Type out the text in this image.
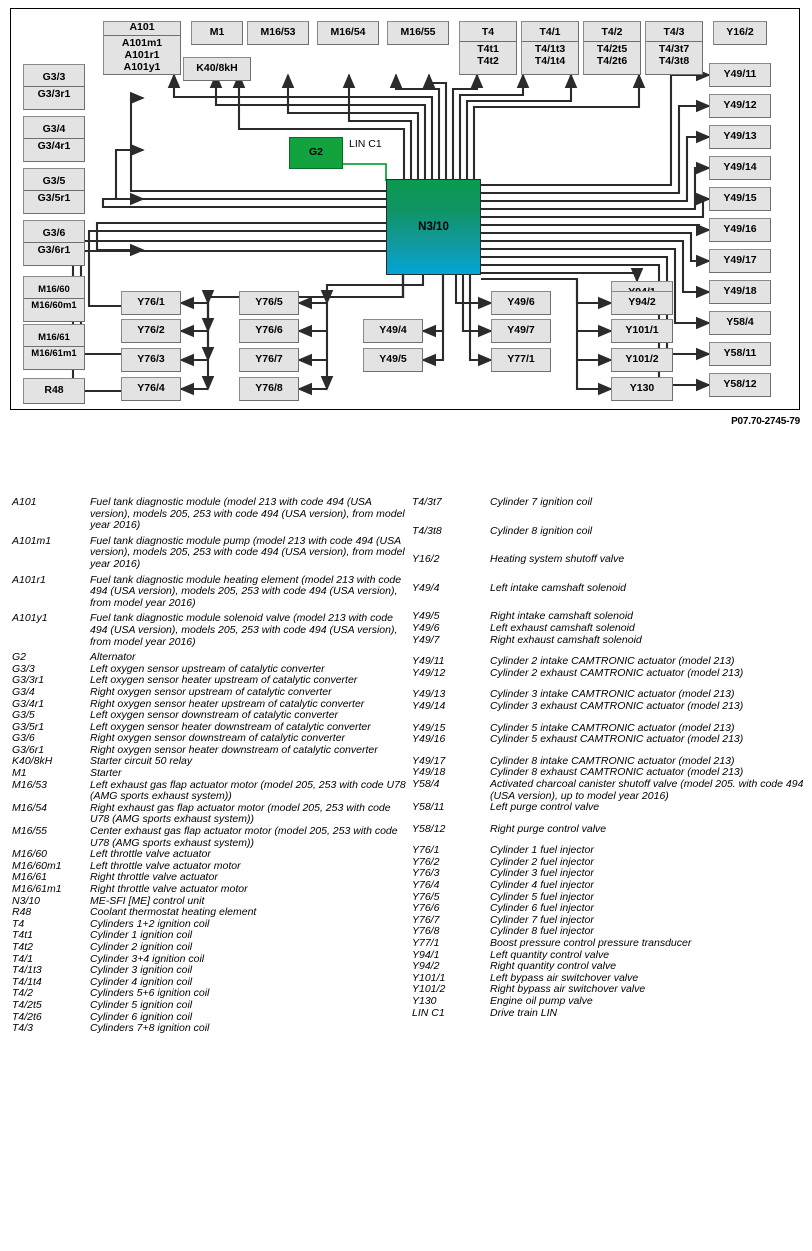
A101
A101m1
A101r1
A101y1
M1
K40/8kH
M16/53	M16/54	M16/55	T4
T4t1
T4t2
T4/1
T4/1t3
T4/1t4
T4/2
T4/2t5
T4/2t6
T4/3
T4/3t7
T4/3t8
Y16/2
G3/3
G3/3r1
G3/4
G3/4r1
G3/5
G3/5r1
G3/6
G3/6r1
M16/60
M16/60m1
M16/61
M16/61m1
R48
G2
LIN C1
N3/10
Y76/1
Y76/2
Y76/3
Y76/4
Y76/5
Y76/6
Y76/7
Y76/8
Y49/4
Y49/5
Y49/6
Y49/7
Y77/1
Y94/2
Y101/1
Y101/2
Y130
Y49/11
Y49/12
Y49/13
Y49/14
Y49/15
Y49/16
Y49/17
Y49/18
Y58/4
Y58/11
Y58/12
P07.70-2745-79
A101	Fuel tank diagnostic module (model 213 with code 494 (USA version), models 205, 253 with code 494 (USA version), from model year 2016)
A101m1	Fuel tank diagnostic module pump (model 213 with code 494 (USA version), models 205, 253 with code 494 (USA version), from model year 2016)
A101r1	Fuel tank diagnostic module heating element (model 213 with code 494 (USA version), models 205, 253 with code 494 (USA version), from model year 2016)
A101y1	Fuel tank diagnostic module solenoid valve (model 213 with code 494 (USA version), models 205, 253 with code 494 (USA version), from model year 2016)
G2	Alternator
G3/3	Left oxygen sensor upstream of catalytic converter
G3/3r1	Left oxygen sensor heater upstream of catalytic converter
G3/4	Right oxygen sensor upstream of catalytic converter
G3/4r1	Right oxygen sensor heater upstream of catalytic converter
G3/5	Left oxygen sensor downstream of catalytic converter
G3/5r1	Left oxygen sensor heater downstream of catalytic converter
G3/6	Right oxygen sensor downstream of catalytic converter
G3/6r1	Right oxygen sensor heater downstream of catalytic converter
K40/8kH	Starter circuit 50 relay
M1	Starter
M16/53	Left exhaust gas flap actuator motor (model 205, 253 with code U78 (AMG sports exhaust system))
M16/54	Right exhaust gas flap actuator motor (model 205, 253 with code U78 (AMG sports exhaust system))
M16/55	Center exhaust gas flap actuator motor (model 205, 253 with code U78 (AMG sports exhaust system))
M16/60	Left throttle valve actuator
M16/60m1	Left throttle valve actuator motor
M16/61	Right throttle valve actuator
M16/61m1	Right throttle valve actuator motor
N3/10	ME-SFI [ME] control unit
R48	Coolant thermostat heating element
T4	Cylinders 1+2 ignition coil
T4t1	Cylinder 1 ignition coil
T4t2	Cylinder 2 ignition coil
T4/1	Cylinder 3+4 ignition coil
T4/1t3	Cylinder 3 ignition coil
T4/1t4	Cylinder 4 ignition coil
T4/2	Cylinders 5+6 ignition coil
T4/2t5	Cylinder 5 ignition coil
T4/2t6	Cylinder 6 ignition coil
T4/3	Cylinders 7+8 ignition coil
T4/3t7	Cylinder 7 ignition coil
T4/3t8	Cylinder 8 ignition coil
Y16/2	Heating system shutoff valve
Y49/4	Left intake camshaft solenoid
Y49/5	Right intake camshaft solenoid
Y49/6	Left exhaust camshaft solenoid
Y49/7	Right exhaust camshaft solenoid
Y49/11	Cylinder 2 intake CAMTRONIC actuator (model 213)
Y49/12	Cylinder 2 exhaust CAMTRONIC actuator (model 213)
Y49/13	Cylinder 3 intake CAMTRONIC actuator (model 213)
Y49/14	Cylinder 3 exhaust CAMTRONIC actuator (model 213)
Y49/15	Cylinder 5 intake CAMTRONIC actuator (model 213)
Y49/16	Cylinder 5 exhaust CAMTRONIC actuator (model 213)
Y49/17	Cylinder 8 intake CAMTRONIC actuator (model 213)
Y49/18	Cylinder 8 exhaust CAMTRONIC actuator (model 213)
Y58/4	Activated charcoal canister shutoff valve (model 205. with code 494 (USA version), up to model year 2016)
Y58/11	Left purge control valve
Y58/12	Right purge control valve
Y76/1	Cylinder 1 fuel injector
Y76/2	Cylinder 2 fuel injector
Y76/3	Cylinder 3 fuel injector
Y76/4	Cylinder 4 fuel injector
Y76/5	Cylinder 5 fuel injector
Y76/6	Cylinder 6 fuel injector
Y76/7	Cylinder 7 fuel injector
Y76/8	Cylinder 8 fuel injector
Y77/1	Boost pressure control pressure transducer
Y94/1	Left quantity control valve
Y94/2	Right quantity control valve
Y101/1	Left bypass air switchover valve
Y101/2	Right bypass air switchover valve
Y130	Engine oil pump valve
LIN C1	Drive train LIN
